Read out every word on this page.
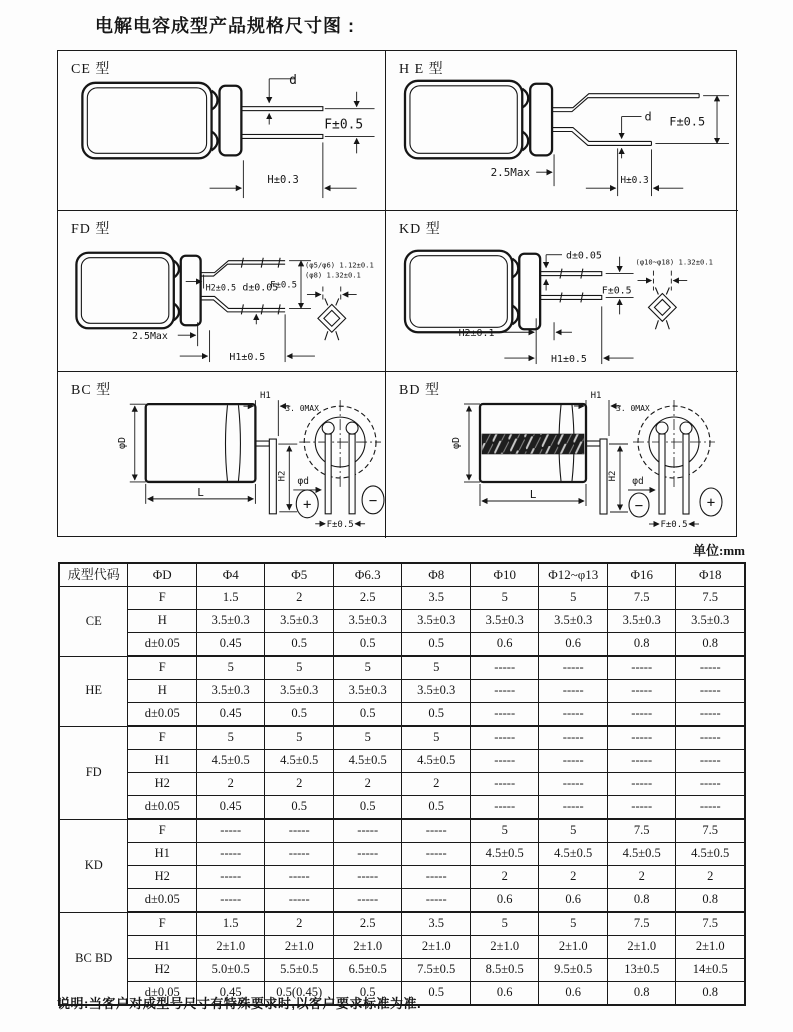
电解电容成型产品规格尺寸图 :
CE 型
d
F±0.5
H±0.3
H E 型
2.5Max
d F±0.5
H±0.3
FD 型
H2±0.5 d±0.05
F±0.5
2.5Max
H1±0.5
(φ5/φ6) 1.12±0.1
(φ8) 1.32±0.1
KD 型
d±0.05
F±0.5
H2±0.1
H1±0.5
(φ10~φ18) 1.32±0.1
BC 型
φD
L
H1
3. 0MAX
H2 φd
F±0.5
+	−
BD 型
φD
L
H1
3. 0MAX
H2 φd
F±0.5
−	+
单位:mm
成型代码	ΦD	Φ4	Φ5	Φ6.3	Φ8	Φ10	Φ12~φ13	Φ16	Φ18
CE	F	1.5	2	2.5	3.5	5	5	7.5	7.5
	H	3.5±0.3	3.5±0.3	3.5±0.3	3.5±0.3	3.5±0.3	3.5±0.3	3.5±0.3	3.5±0.3
	d±0.05	0.45	0.5	0.5	0.5	0.6	0.6	0.8	0.8
HE	F	5	5	5	5	-----	-----	-----	-----
	H	3.5±0.3	3.5±0.3	3.5±0.3	3.5±0.3	-----	-----	-----	-----
	d±0.05	0.45	0.5	0.5	0.5	-----	-----	-----	-----
FD	F	5	5	5	5	-----	-----	-----	-----
	H1	4.5±0.5	4.5±0.5	4.5±0.5	4.5±0.5	-----	-----	-----	-----
	H2	2	2	2	2	-----	-----	-----	-----
	d±0.05	0.45	0.5	0.5	0.5	-----	-----	-----	-----
KD	F	-----	-----	-----	-----	5	5	7.5	7.5
	H1	-----	-----	-----	-----	4.5±0.5	4.5±0.5	4.5±0.5	4.5±0.5
	H2	-----	-----	-----	-----	2	2	2	2
	d±0.05	-----	-----	-----	-----	0.6	0.6	0.8	0.8
BC BD	F	1.5	2	2.5	3.5	5	5	7.5	7.5
	H1	2±1.0	2±1.0	2±1.0	2±1.0	2±1.0	2±1.0	2±1.0	2±1.0
	H2	5.0±0.5	5.5±0.5	6.5±0.5	7.5±0.5	8.5±0.5	9.5±0.5	13±0.5	14±0.5
	d±0.05	0.45	0.5(0.45)	0.5	0.5	0.6	0.6	0.8	0.8
说明:当客户对成型号尺寸有特殊要求时,以客户要求标准为准.
